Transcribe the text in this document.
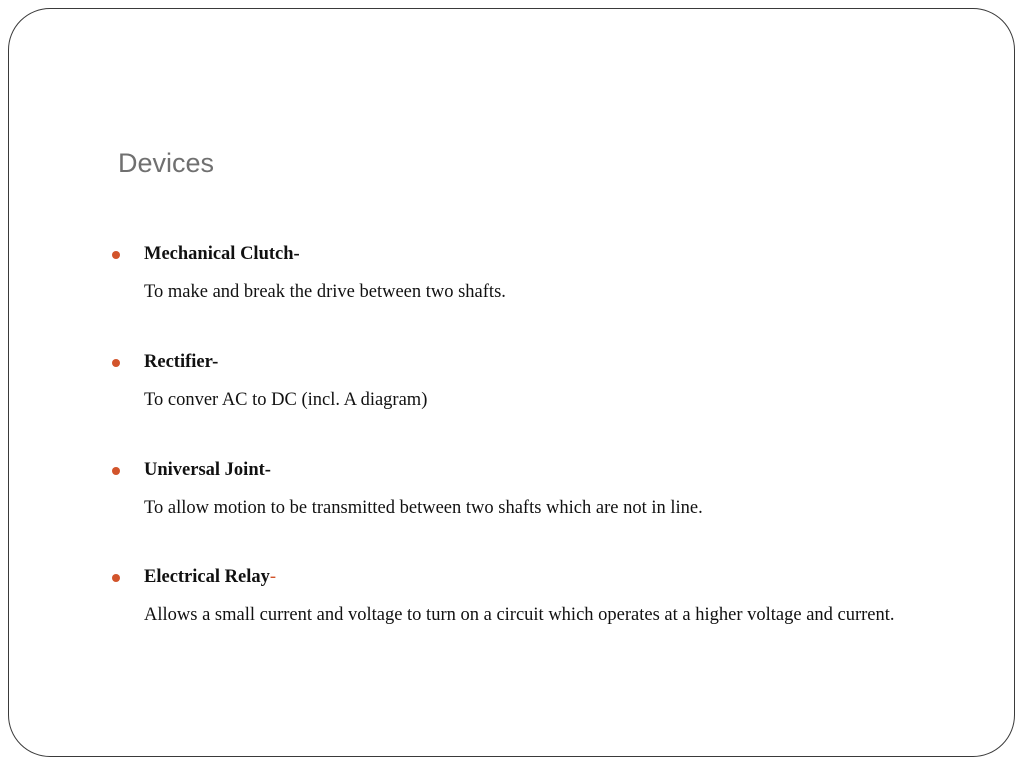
Devices
Mechanical Clutch-

To make and break the drive between two shafts.

Rectifier-

To conver AC to DC (incl. A diagram)

Universal Joint-

To allow motion to be transmitted between two shafts which are not in line.

Electrical Relay-

Allows a small current and voltage to turn on a circuit which operates at a higher voltage and current.
